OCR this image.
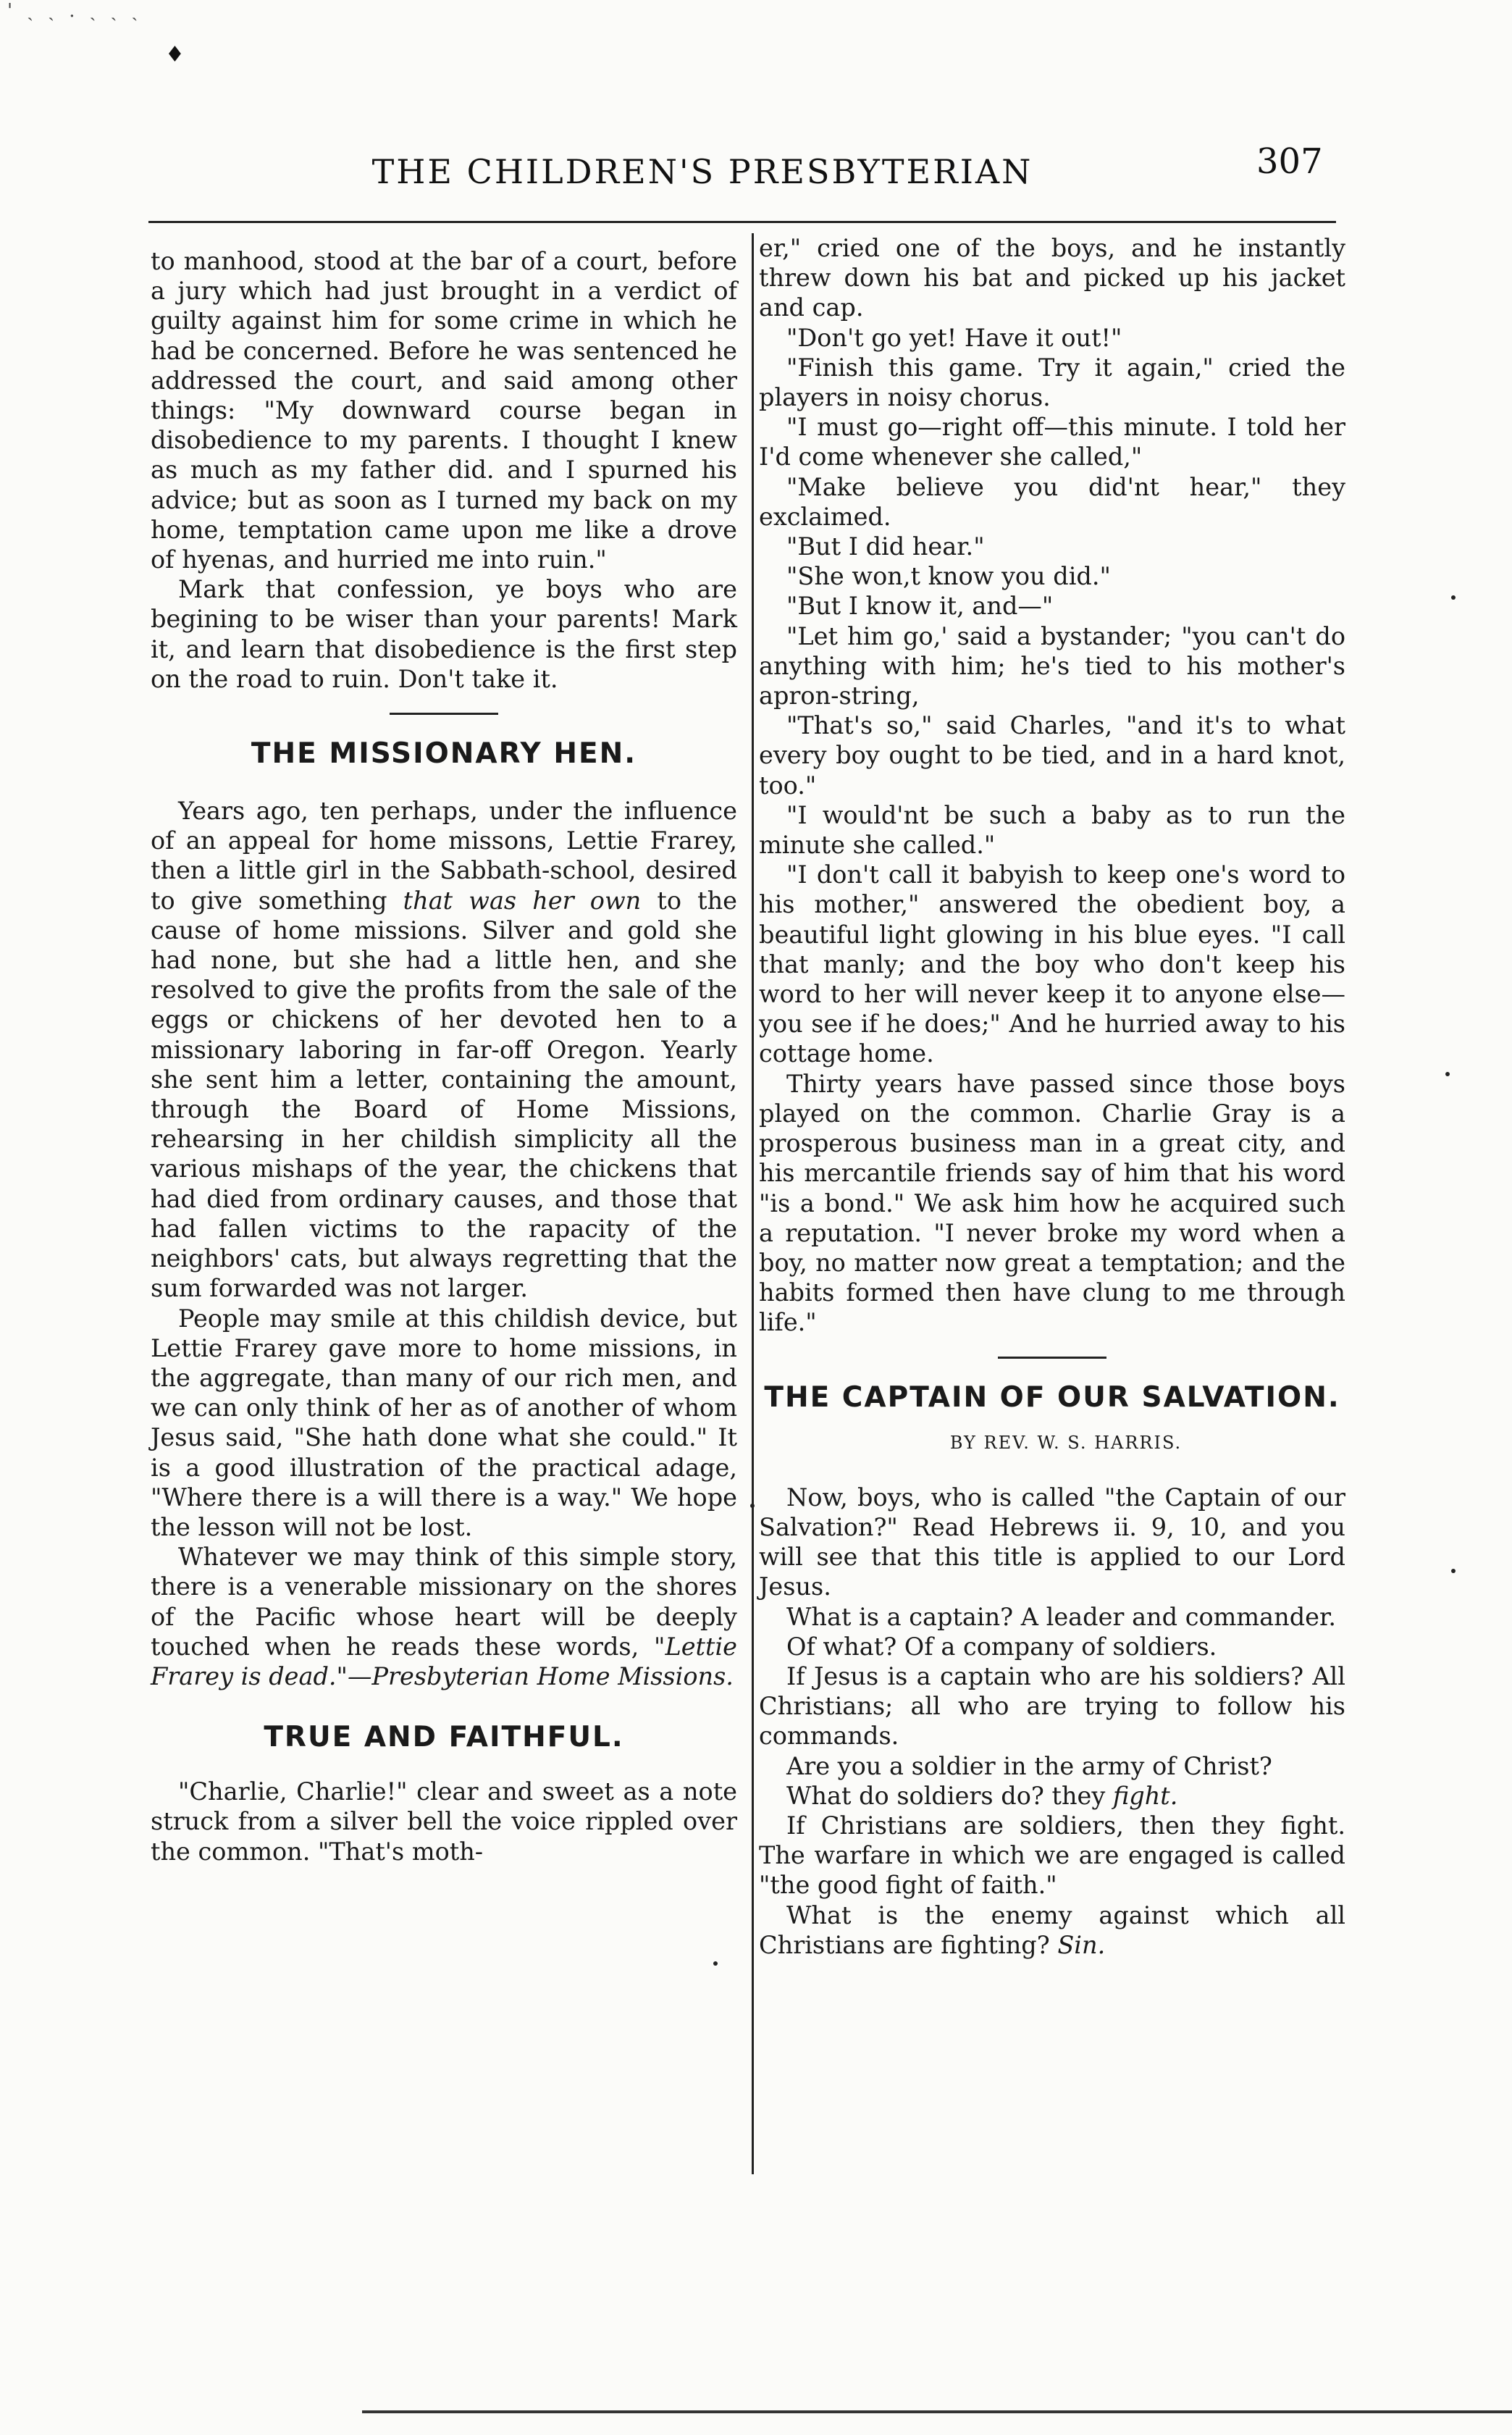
' ˎ ˏ . ˎ ˎ ˏ
♦
THE CHILDREN'S PRESBYTERIAN	307

to manhood, stood at the bar of a court, before a jury which had just brought in a verdict of guilty against him for some crime in which he had be concerned. Before he was sentenced he addressed the court, and said among other things: "My downward course began in disobedience to my parents. I thought I knew as much as my father did. and I spurned his advice; but as soon as I turned my back on my home, temptation came upon me like a drove of hyenas, and hurried me into ruin."

Mark that confession, ye boys who are begining to be wiser than your parents! Mark it, and learn that disobedience is the first step on the road to ruin. Don't take it.

THE MISSIONARY HEN.

Years ago, ten perhaps, under the influence of an appeal for home missons, Lettie Frarey, then a little girl in the Sabbath-school, desired to give something that was her own to the cause of home missions. Silver and gold she had none, but she had a little hen, and she resolved to give the profits from the sale of the eggs or chickens of her devoted hen to a missionary laboring in far-off Oregon. Yearly she sent him a letter, containing the amount, through the Board of Home Missions, rehearsing in her childish simplicity all the various mishaps of the year, the chickens that had died from ordinary causes, and those that had fallen victims to the rapacity of the neighbors' cats, but always regretting that the sum forwarded was not larger.

People may smile at this childish device, but Lettie Frarey gave more to home missions, in the aggregate, than many of our rich men, and we can only think of her as of another of whom Jesus said, "She hath done what she could." It is a good illustration of the practical adage, "Where there is a will there is a way." We hope the lesson will not be lost.

Whatever we may think of this simple story, there is a venerable missionary on the shores of the Pacific whose heart will be deeply touched when he reads these words, "Lettie Frarey is dead."—Presbyterian Home Missions.

TRUE AND FAITHFUL.

"Charlie, Charlie!" clear and sweet as a note struck from a silver bell the voice rippled over the common. "That's moth-

er," cried one of the boys, and he instantly threw down his bat and picked up his jacket and cap.

"Don't go yet! Have it out!"

"Finish this game. Try it again," cried the players in noisy chorus.

"I must go—right off—this minute. I told her I'd come whenever she called,"

"Make believe you did'nt hear," they exclaimed.

"But I did hear."

"She won,t know you did."

"But I know it, and—"

"Let him go,' said a bystander; "you can't do anything with him; he's tied to his mother's apron-string,

"That's so," said Charles, "and it's to what every boy ought to be tied, and in a hard knot, too."

"I would'nt be such a baby as to run the minute she called."

"I don't call it babyish to keep one's word to his mother," answered the obedient boy, a beautiful light glowing in his blue eyes. "I call that manly; and the boy who don't keep his word to her will never keep it to anyone else—you see if he does;" And he hurried away to his cottage home.

Thirty years have passed since those boys played on the common. Charlie Gray is a prosperous business man in a great city, and his mercantile friends say of him that his word "is a bond." We ask him how he acquired such a reputation. "I never broke my word when a boy, no matter now great a temptation; and the habits formed then have clung to me through life."

THE CAPTAIN OF OUR SALVATION.

BY REV. W. S. HARRIS.

Now, boys, who is called "the Captain of our Salvation?" Read Hebrews ii. 9, 10, and you will see that this title is applied to our Lord Jesus.

What is a captain? A leader and commander.

Of what? Of a company of soldiers.

If Jesus is a captain who are his soldiers? All Christians; all who are trying to follow his commands.

Are you a soldier in the army of Christ?

What do soldiers do? they fight.

If Christians are soldiers, then they fight. The warfare in which we are engaged is called "the good fight of faith."

What is the enemy against which all Christians are fighting? Sin.
